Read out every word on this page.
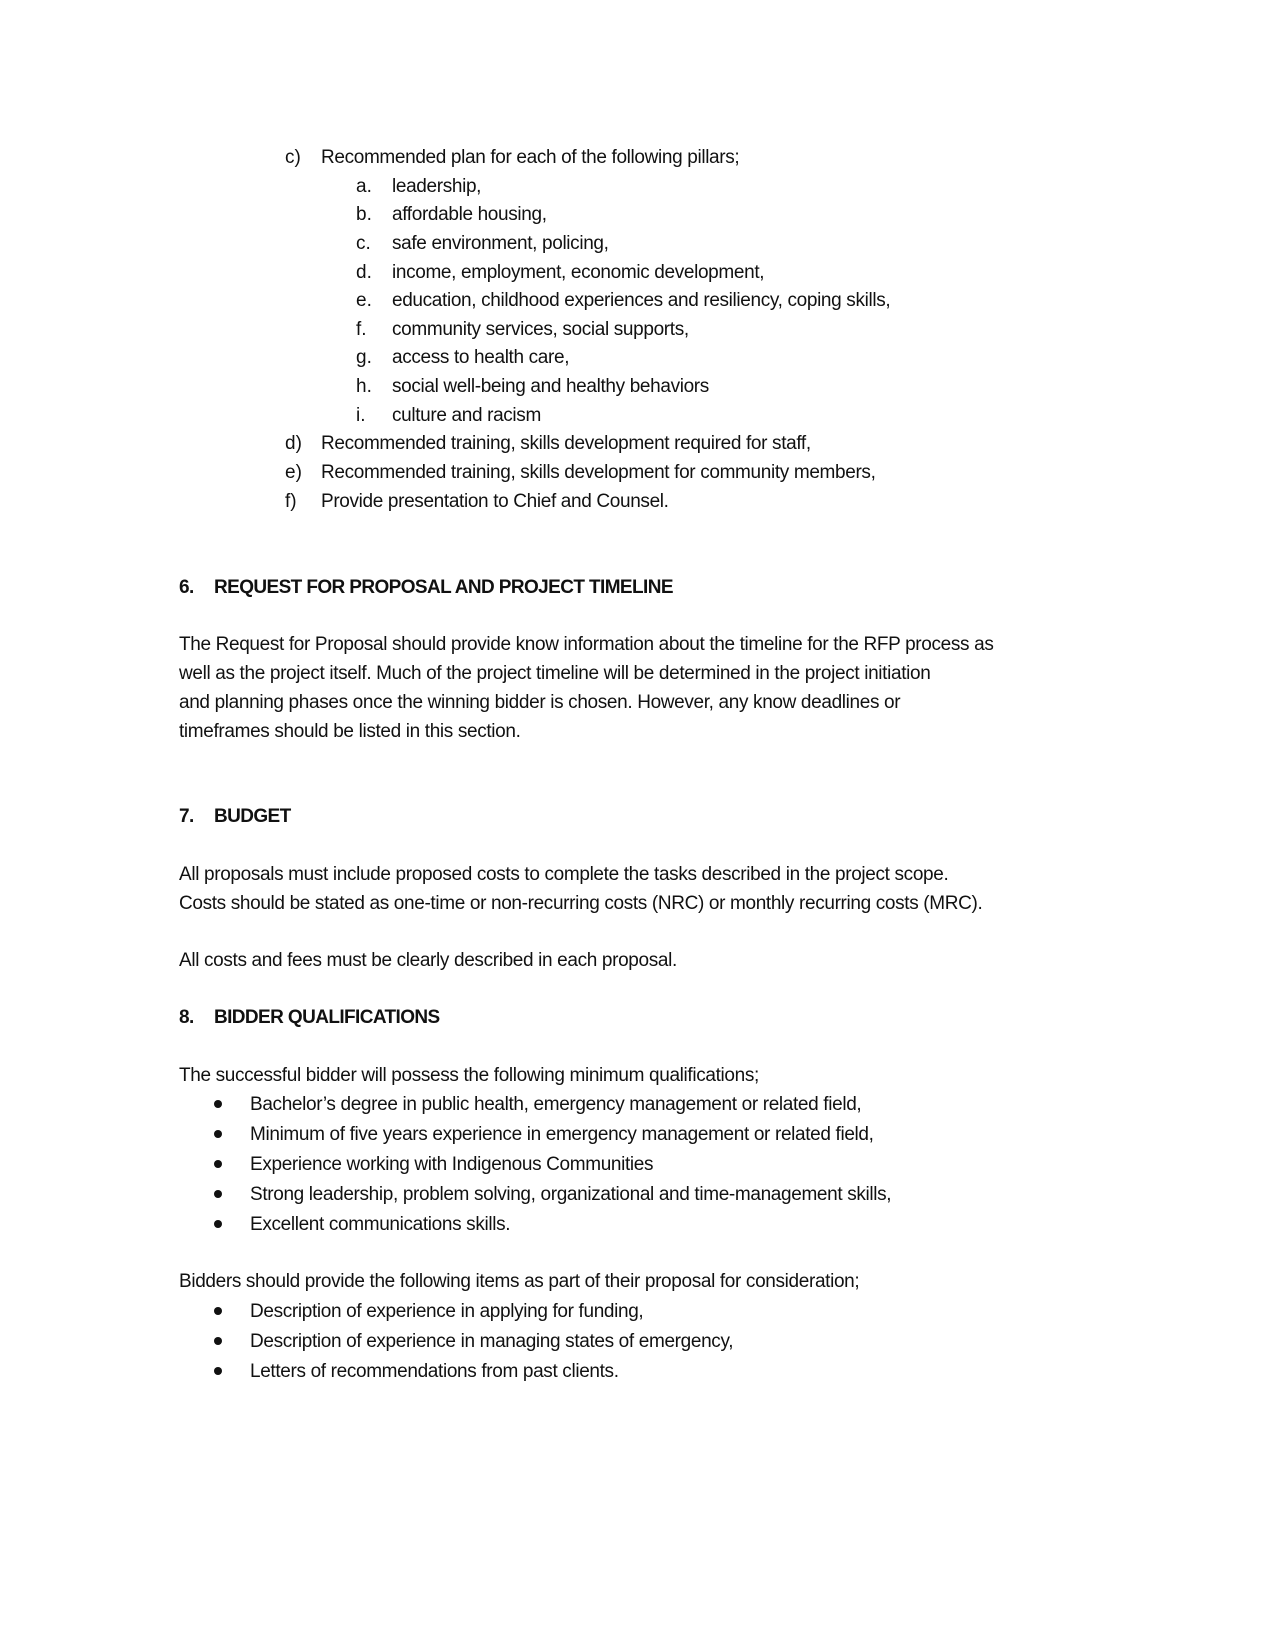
c) Recommended plan for each of the following pillars;
a. leadership,
b. affordable housing,
c. safe environment, policing,
d. income, employment, economic development,
e. education, childhood experiences and resiliency, coping skills,
f. community services, social supports,
g. access to health care,
h. social well-being and healthy behaviors
i. culture and racism
d) Recommended training, skills development required for staff,
e) Recommended training, skills development for community members,
f) Provide presentation to Chief and Counsel.
6. REQUEST FOR PROPOSAL AND PROJECT TIMELINE
The Request for Proposal should provide know information about the timeline for the RFP process as
well as the project itself. Much of the project timeline will be determined in the project initiation
and planning phases once the winning bidder is chosen. However, any know deadlines or
timeframes should be listed in this section.
7. BUDGET
All proposals must include proposed costs to complete the tasks described in the project scope.
Costs should be stated as one-time or non-recurring costs (NRC) or monthly recurring costs (MRC).
All costs and fees must be clearly described in each proposal.
8. BIDDER QUALIFICATIONS
The successful bidder will possess the following minimum qualifications;
Bachelor’s degree in public health, emergency management or related field,
Minimum of five years experience in emergency management or related field,
Experience working with Indigenous Communities
Strong leadership, problem solving, organizational and time-management skills,
Excellent communications skills.
Bidders should provide the following items as part of their proposal for consideration;
Description of experience in applying for funding,
Description of experience in managing states of emergency,
Letters of recommendations from past clients.
